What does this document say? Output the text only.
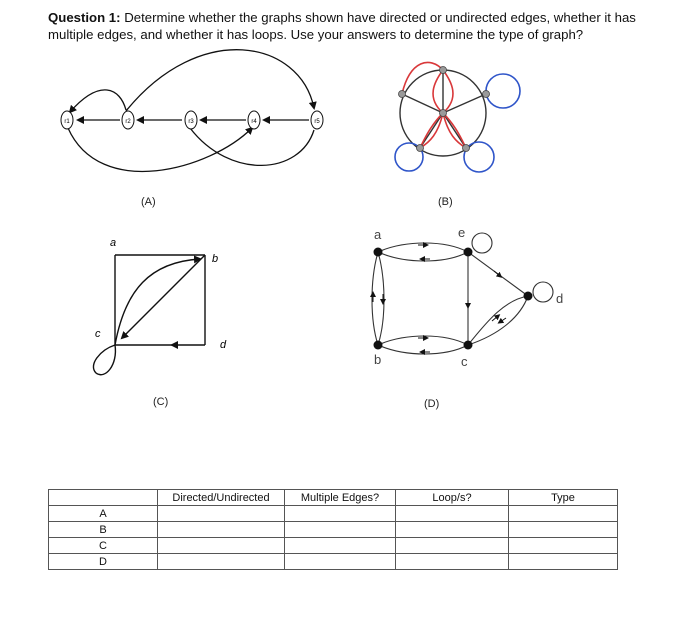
Question 1: Determine whether the graphs shown have directed or undirected edges, whether it has multiple edges, and whether it has loops. Use your answers to determine the type of graph?
r1	r2	r3	r4	r5
a
b
c
d
a
b	c
d
e
(A)	(B)
(C)	(D)
	Directed/Undirected	Multiple Edges?	Loop/s?	Type
A				
B				
C				
D				
